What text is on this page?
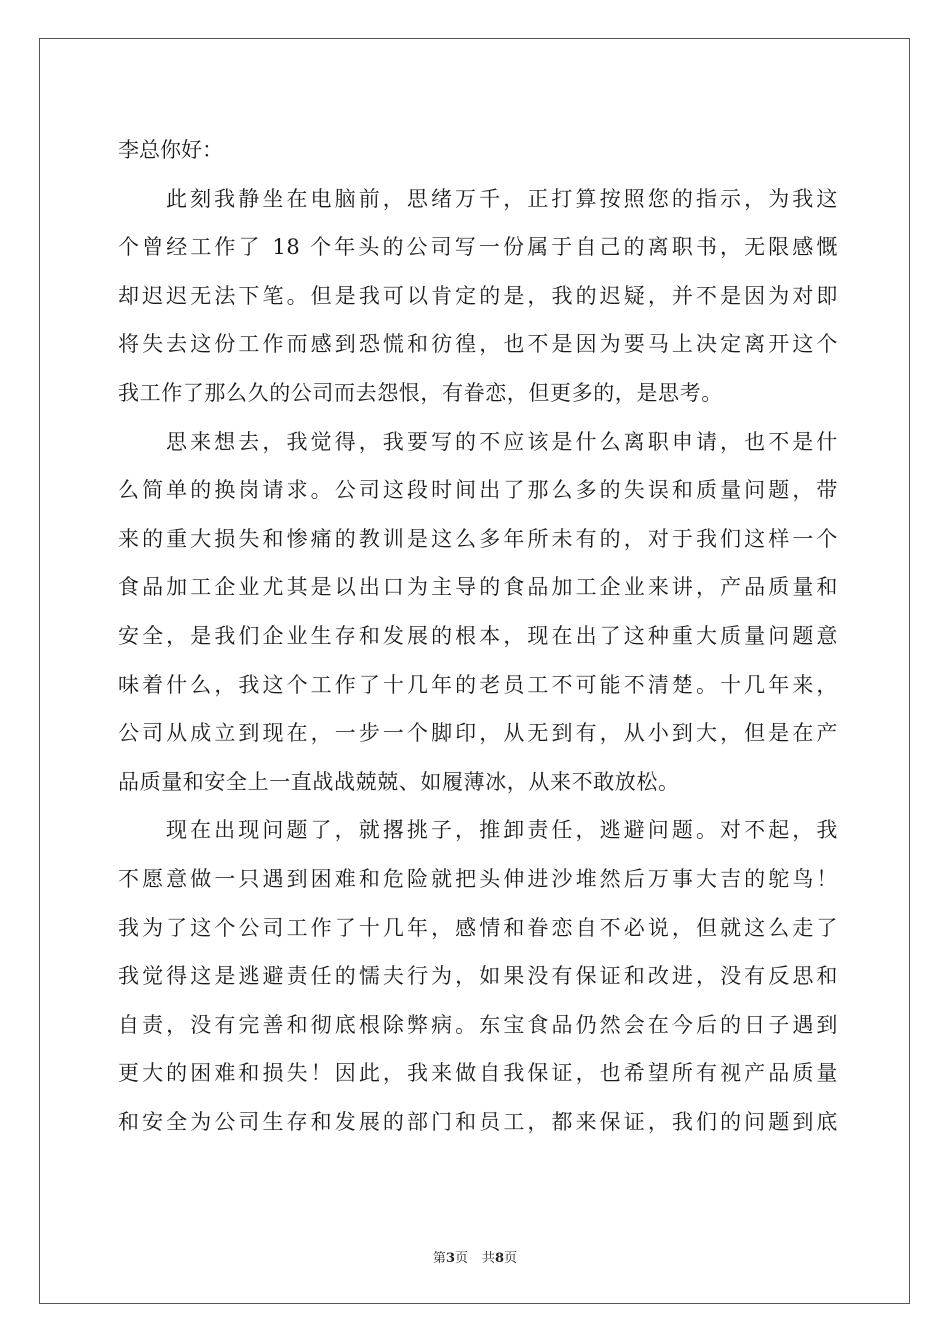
李总你好：

此刻我静坐在电脑前，思绪万千，正打算按照您的指示，为我这

个曾经工作了 18 个年头的公司写一份属于自己的离职书，无限感慨

却迟迟无法下笔。但是我可以肯定的是，我的迟疑，并不是因为对即

将失去这份工作而感到恐慌和彷徨，也不是因为要马上决定离开这个

我工作了那么久的公司而去怨恨，有眷恋，但更多的，是思考。

思来想去，我觉得，我要写的不应该是什么离职申请，也不是什

么简单的换岗请求。公司这段时间出了那么多的失误和质量问题，带

来的重大损失和惨痛的教训是这么多年所未有的，对于我们这样一个

食品加工企业尤其是以出口为主导的食品加工企业来讲，产品质量和

安全，是我们企业生存和发展的根本，现在出了这种重大质量问题意

味着什么，我这个工作了十几年的老员工不可能不清楚。十几年来，

公司从成立到现在，一步一个脚印，从无到有，从小到大，但是在产

品质量和安全上一直战战兢兢、如履薄冰，从来不敢放松。

现在出现问题了，就撂挑子，推卸责任，逃避问题。对不起，我

不愿意做一只遇到困难和危险就把头伸进沙堆然后万事大吉的鸵鸟！

我为了这个公司工作了十几年，感情和眷恋自不必说，但就这么走了

我觉得这是逃避责任的懦夫行为，如果没有保证和改进，没有反思和

自责，没有完善和彻底根除弊病。东宝食品仍然会在今后的日子遇到

更大的困难和损失！因此，我来做自我保证，也希望所有视产品质量

和安全为公司生存和发展的部门和员工，都来保证，我们的问题到底

第3页 共8页
